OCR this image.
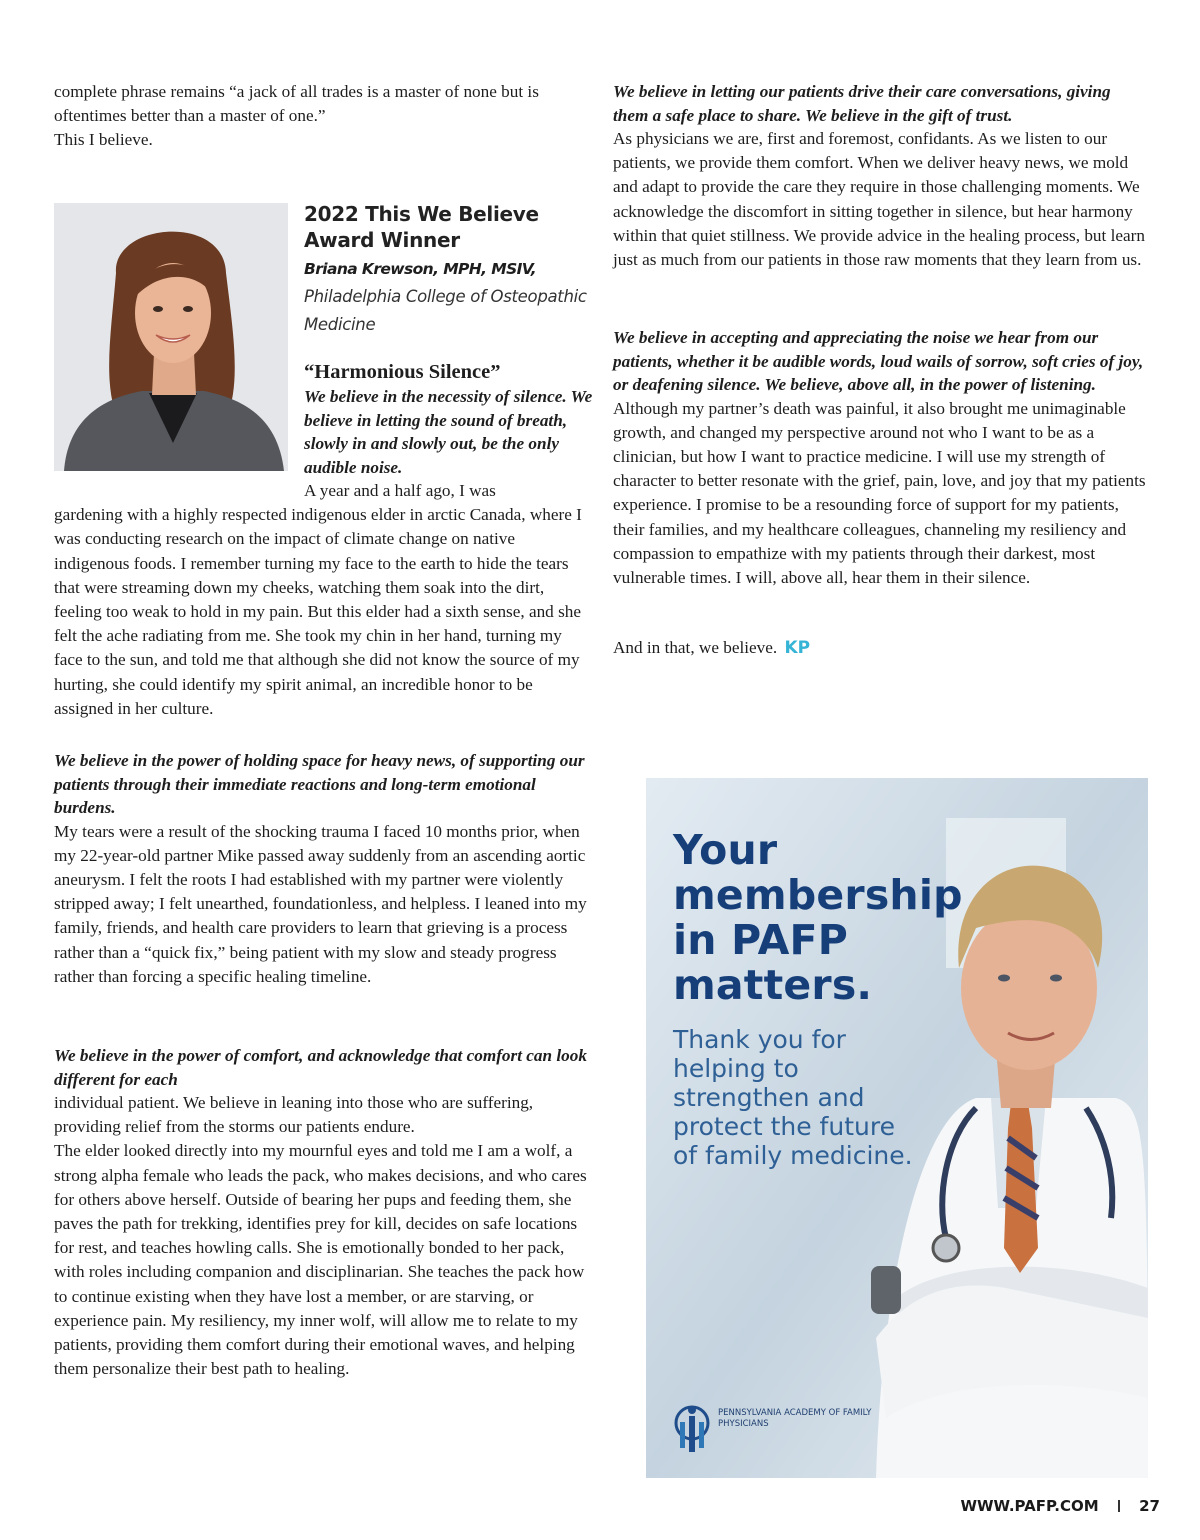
complete phrase remains “a jack of all trades is a master of none but is oftentimes better than a master of one.”

This I believe.

2022 This We Believe Award Winner
Briana Krewson, MPH, MSIV,
Philadelphia College of Osteopathic Medicine
“Harmonious Silence”

We believe in the necessity of silence. We believe in letting the sound of breath, slowly in and slowly out, be the only audible noise.

A year and a half ago, I was
gardening with a highly respected indigenous elder in arctic Canada, where I was conducting research on the impact of climate change on native indigenous foods. I remember turning my face to the earth to hide the tears that were streaming down my cheeks, watching them soak into the dirt, feeling too weak to hold in my pain. But this elder had a sixth sense, and she felt the ache radiating from me. She took my chin in her hand, turning my face to the sun, and told me that although she did not know the source of my hurting, she could identify my spirit animal, an incredible honor to be assigned in her culture.

We believe in the power of holding space for heavy news, of supporting our patients through their immediate reactions and long-term emotional burdens.

My tears were a result of the shocking trauma I faced 10 months prior, when my 22-year-old partner Mike passed away suddenly from an ascending aortic aneurysm. I felt the roots I had established with my partner were violently stripped away; I felt unearthed, foundationless, and helpless. I leaned into my family, friends, and health care providers to learn that grieving is a process rather than a “quick fix,” being patient with my slow and steady progress rather than forcing a specific healing timeline.

We believe in the power of comfort, and acknowledge that comfort can look different for each

individual patient. We believe in leaning into those who are suffering, providing relief from the storms our patients endure.

The elder looked directly into my mournful eyes and told me I am a wolf, a strong alpha female who leads the pack, who makes decisions, and who cares for others above herself. Outside of bearing her pups and feeding them, she paves the path for trekking, identifies prey for kill, decides on safe locations for rest, and teaches howling calls. She is emotionally bonded to her pack, with roles including companion and disciplinarian. She teaches the pack how to continue existing when they have lost a member, or are starving, or experience pain. My resiliency, my inner wolf, will allow me to relate to my patients, providing them comfort during their emotional waves, and helping them personalize their best path to healing.

We believe in letting our patients drive their care conversations, giving them a safe place to share. We believe in the gift of trust.

As physicians we are, first and foremost, confidants. As we listen to our patients, we provide them comfort. When we deliver heavy news, we mold and adapt to provide the care they require in those challenging moments. We acknowledge the discomfort in sitting together in silence, but hear harmony within that quiet stillness. We provide advice in the healing process, but learn just as much from our patients in those raw moments that they learn from us.

We believe in accepting and appreciating the noise we hear from our patients, whether it be audible words, loud wails of sorrow, soft cries of joy, or deafening silence. We believe, above all, in the power of listening.

Although my partner’s death was painful, it also brought me unimaginable growth, and changed my perspective around not who I want to be as a clinician, but how I want to practice medicine. I will use my strength of character to better resonate with the grief, pain, love, and joy that my patients experience. I promise to be a resounding force of support for my patients, their families, and my healthcare colleagues, channeling my resiliency and compassion to empathize with my patients through their darkest, most vulnerable times. I will, above all, hear them in their silence.

And in that, we believe. KP

Your membership in PAFP matters.
Thank you for helping to strengthen and protect the future of family medicine.
PENNSYLVANIA ACADEMY OF FAMILY PHYSICIANS
WWW.PAFP.COM	27
